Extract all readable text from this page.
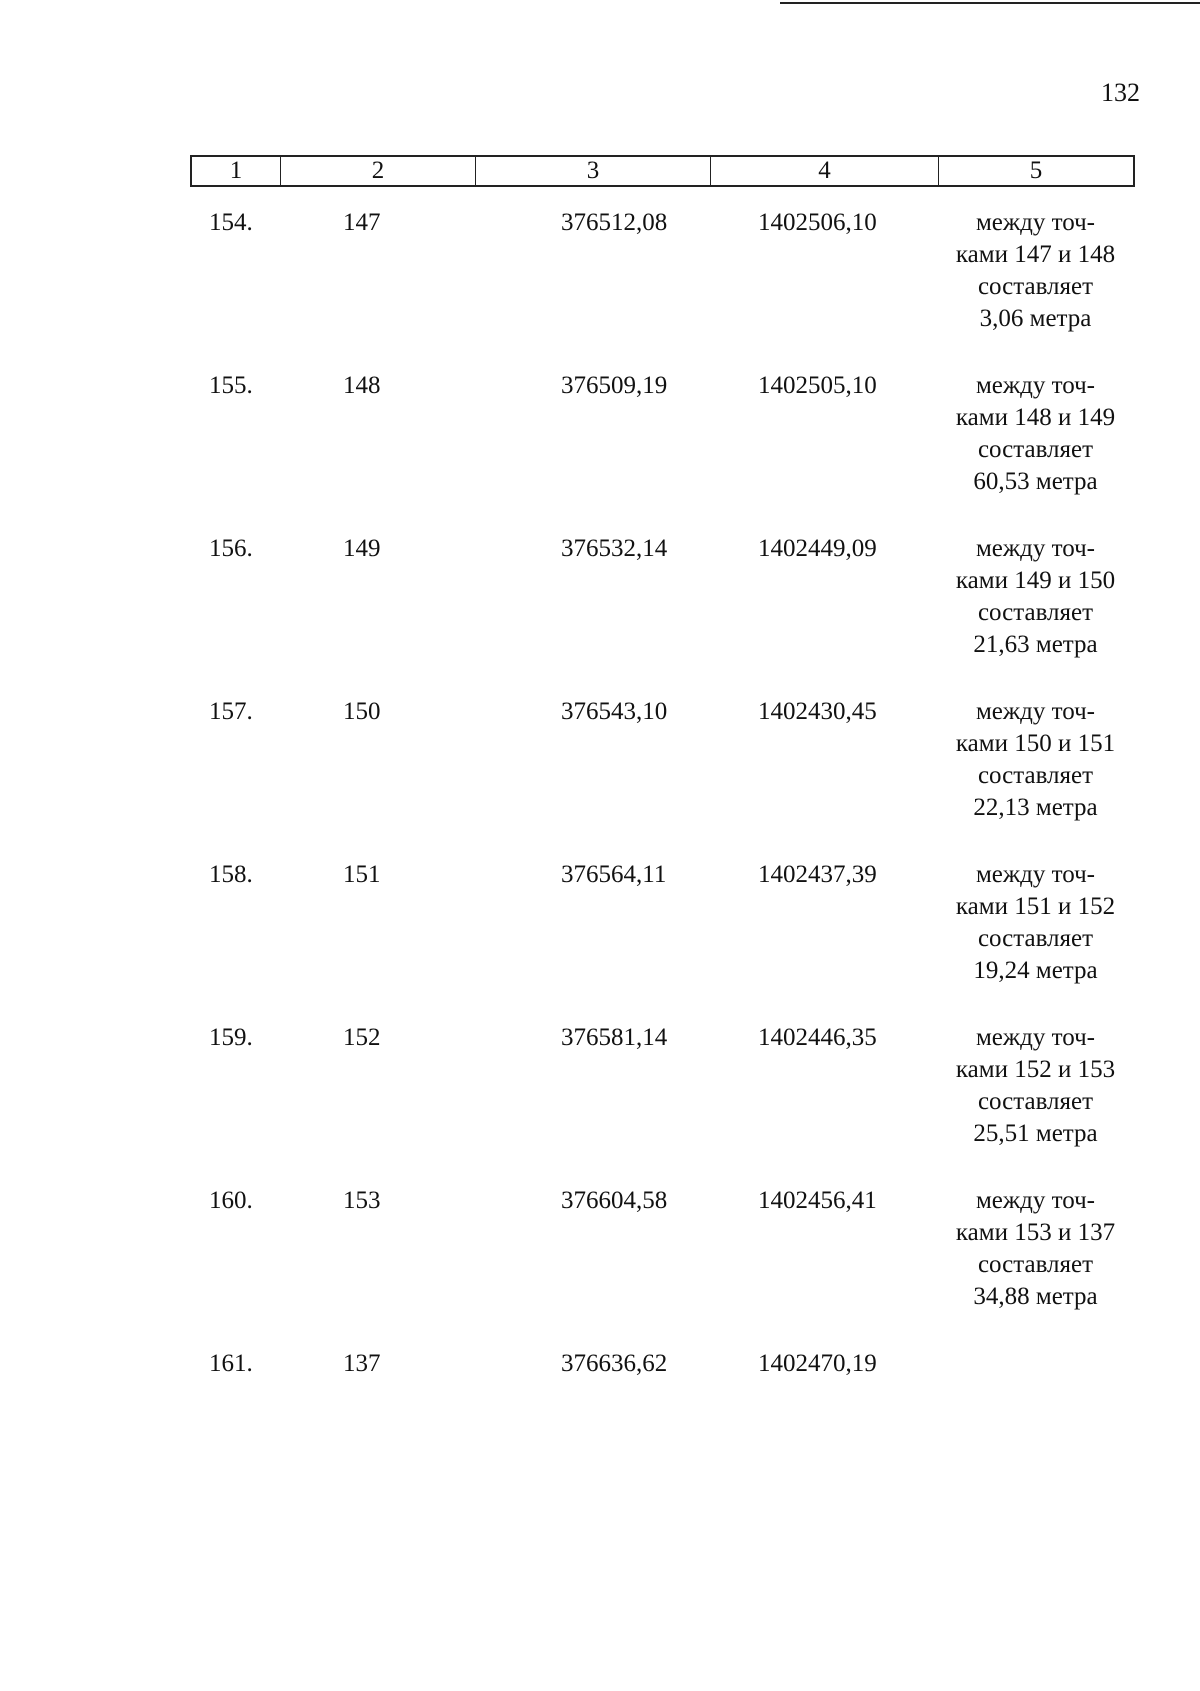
132
1	2	3	4	5
154.	147	376512,08	1402506,10	между точ-
ками 147 и 148
составляет
3,06 метра
155.	148	376509,19	1402505,10	между точ-
ками 148 и 149
составляет
60,53 метра
156.	149	376532,14	1402449,09	между точ-
ками 149 и 150
составляет
21,63 метра
157.	150	376543,10	1402430,45	между точ-
ками 150 и 151
составляет
22,13 метра
158.	151	376564,11	1402437,39	между точ-
ками 151 и 152
составляет
19,24 метра
159.	152	376581,14	1402446,35	между точ-
ками 152 и 153
составляет
25,51 метра
160.	153	376604,58	1402456,41	между точ-
ками 153 и 137
составляет
34,88 метра
161.	137	376636,62	1402470,19
